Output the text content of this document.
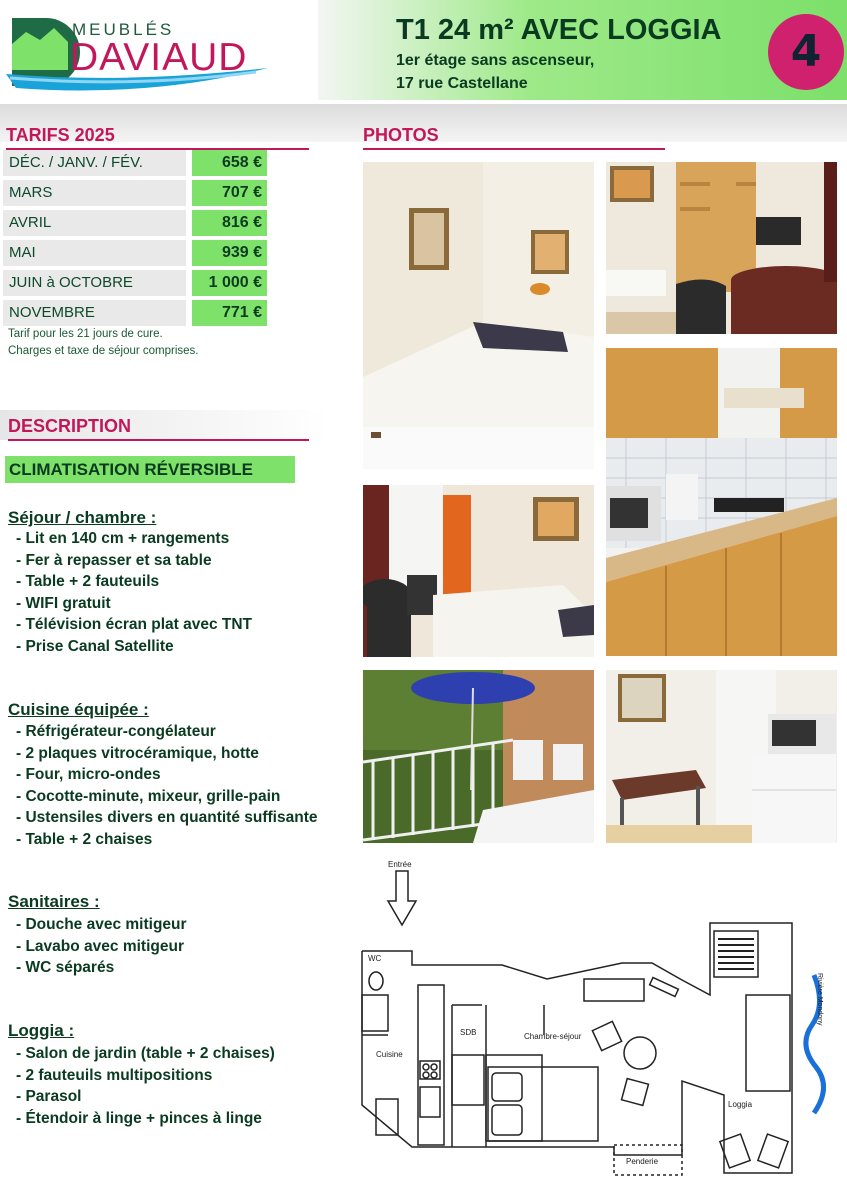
MEUBLÉS
DAVIAUD
T1 24 m² AVEC LOGGIA
1er étage sans ascenseur,
17 rue Castellane
4
TARIFS 2025
DÉC. / JANV. / FÉV.	658 €
MARS	707 €
AVRIL	816 €
MAI	939 €
JUIN à OCTOBRE	1 000 €
NOVEMBRE	771 €
Tarif pour les 21 jours de cure.
Charges et taxe de séjour comprises.
DESCRIPTION
CLIMATISATION RÉVERSIBLE
Séjour / chambre :
- Lit en 140 cm + rangements
- Fer à repasser et sa table
- Table + 2 fauteuils
- WIFI gratuit
- Télévision écran plat avec TNT
- Prise Canal Satellite
Cuisine équipée :
- Réfrigérateur-congélateur
- 2 plaques vitrocéramique, hotte
- Four, micro-ondes
- Cocotte-minute, mixeur, grille-pain
- Ustensiles divers en quantité suffisante
- Table + 2 chaises
Sanitaires :
- Douche avec mitigeur
- Lavabo avec mitigeur
- WC séparés
Loggia :
- Salon de jardin (table + 2 chaises)
- 2 fauteuils multipositions
- Parasol
- Étendoir à linge + pinces à linge
PHOTOS
Entrée
WC
SDB
Cuisine
Chambre-séjour
Loggia
Penderie
Rivière Mondony
